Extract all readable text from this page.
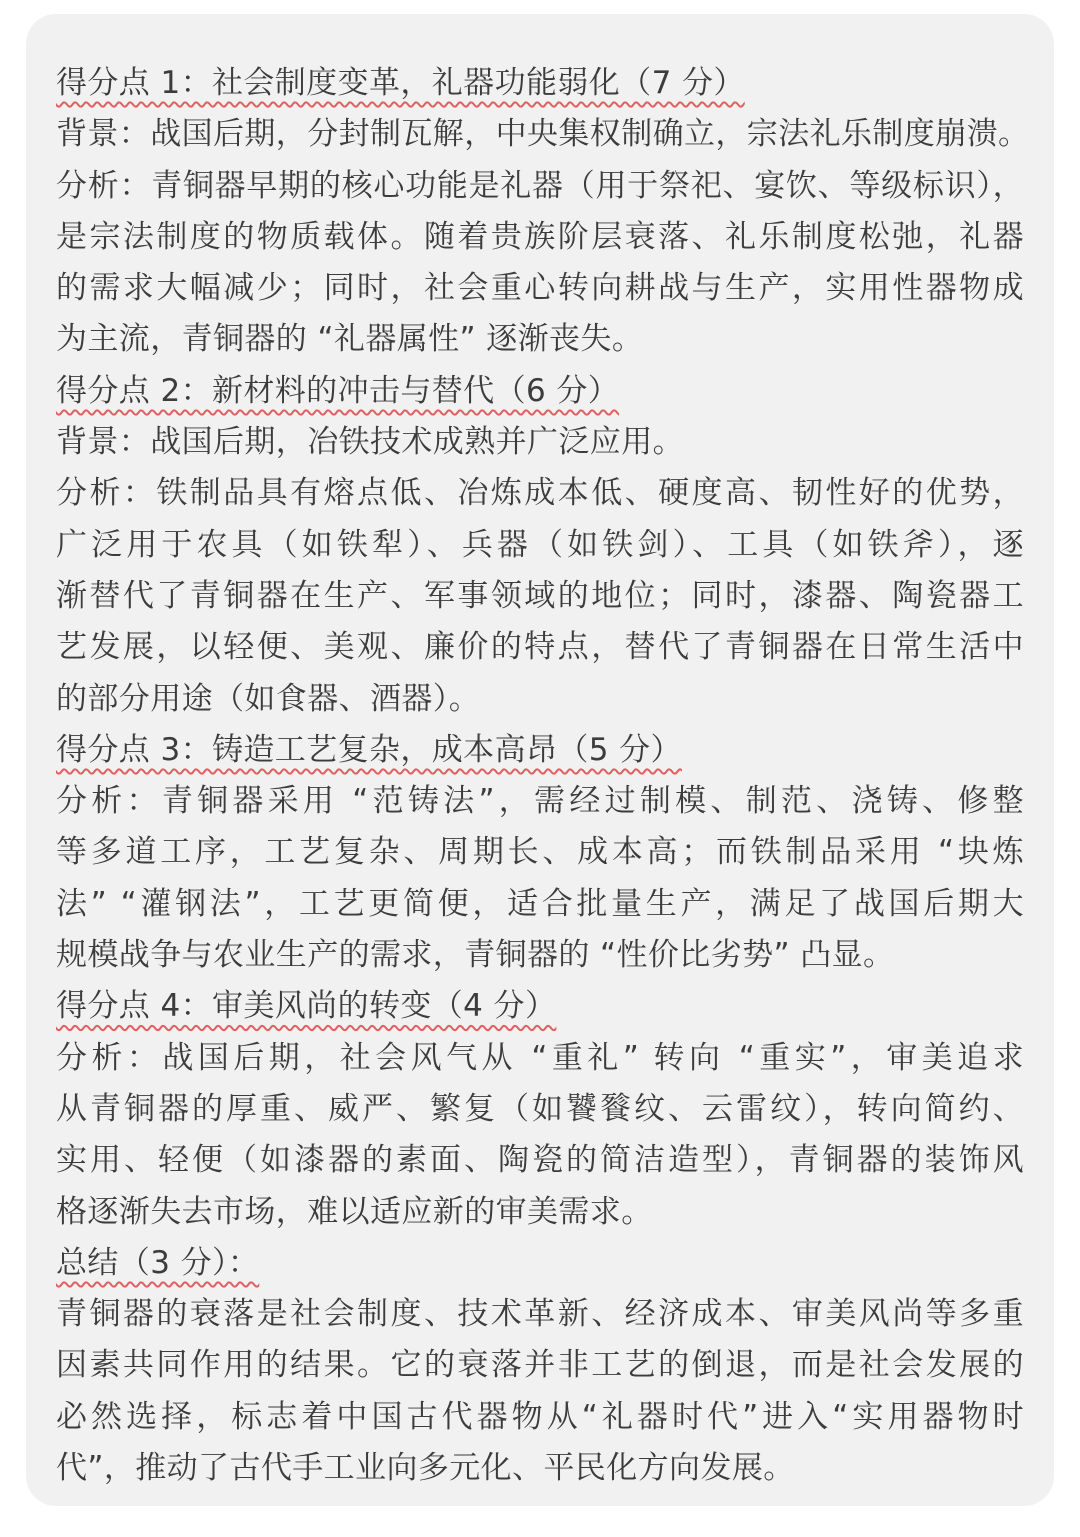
得分点 1：社会制度变革，礼器功能弱化（7 分）

背景：战国后期，分封制瓦解，中央集权制确立，宗法礼乐制度崩溃。

分析：青铜器早期的核心功能是礼器（用于祭祀、宴饮、等级标识），

是宗法制度的物质载体。随着贵族阶层衰落、礼乐制度松弛，礼器

的需求大幅减少；同时，社会重心转向耕战与生产，实用性器物成

为主流，青铜器的 “礼器属性” 逐渐丧失。

得分点 2：新材料的冲击与替代（6 分）

背景：战国后期，冶铁技术成熟并广泛应用。

分析：铁制品具有熔点低、冶炼成本低、硬度高、韧性好的优势，

广泛用于农具（如铁犁）、兵器（如铁剑）、工具（如铁斧），逐

渐替代了青铜器在生产、军事领域的地位；同时，漆器、陶瓷器工

艺发展，以轻便、美观、廉价的特点，替代了青铜器在日常生活中

的部分用途（如食器、酒器）。

得分点 3：铸造工艺复杂，成本高昂（5 分）

分析：青铜器采用 “范铸法”，需经过制模、制范、浇铸、修整

等多道工序，工艺复杂、周期长、成本高；而铁制品采用 “块炼

法” “灌钢法”，工艺更简便，适合批量生产，满足了战国后期大

规模战争与农业生产的需求，青铜器的 “性价比劣势” 凸显。

得分点 4：审美风尚的转变（4 分）

分析：战国后期，社会风气从 “重礼” 转向 “重实”，审美追求

从青铜器的厚重、威严、繁复（如饕餮纹、云雷纹），转向简约、

实用、轻便（如漆器的素面、陶瓷的简洁造型），青铜器的装饰风

格逐渐失去市场，难以适应新的审美需求。

总结（3 分）：

青铜器的衰落是社会制度、技术革新、经济成本、审美风尚等多重

因素共同作用的结果。它的衰落并非工艺的倒退，而是社会发展的

必然选择，标志着中国古代器物从“礼器时代”进入“实用器物时

代”，推动了古代手工业向多元化、平民化方向发展。
